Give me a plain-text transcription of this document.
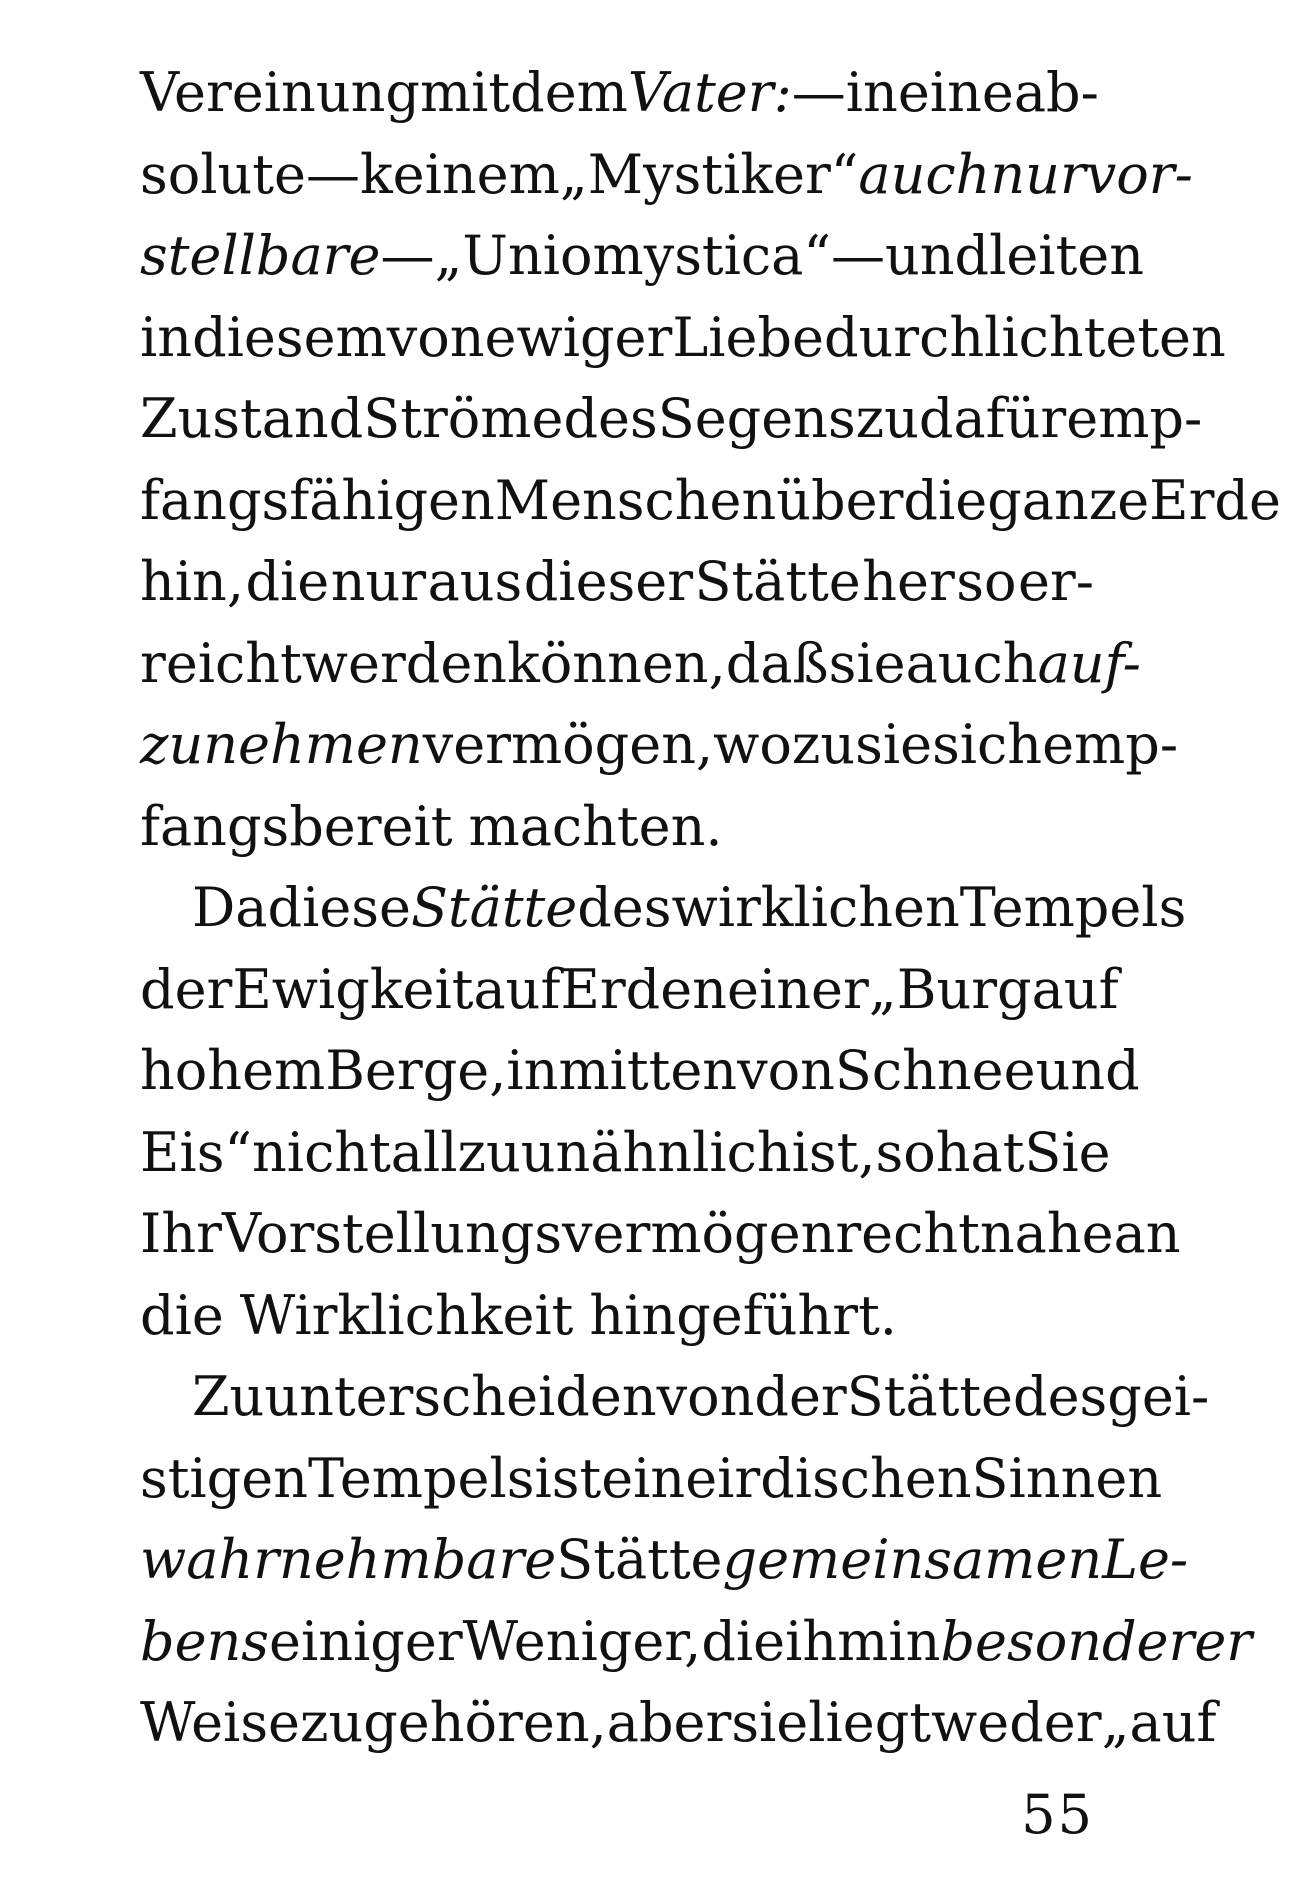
Vereinung mit dem Vater: — in eine ab-
solute —keinem „Mystiker“ auch nur vor-
stellbare — „Unio mystica“ — und leiten
in diesem von ewiger Liebe durchlichteten
Zustand Ströme des Segens zu dafür emp-
fangsfähigen Menschen über die ganze Erde
hin, die nur aus dieser Stätte her so er-
reicht werden können, daß sie auch auf-
zunehmen vermögen, wozu sie sich emp-
fangsbereit machten.
Da diese Stätte des wirklichen Tempels
der Ewigkeit auf Erden einer „Burg auf
hohem Berge, inmitten von Schnee und
Eis“ nicht allzu unähnlich ist, so hat Sie
Ihr Vorstellungsvermögen recht nahe an
die Wirklichkeit hingeführt.
Zu unterscheiden von der Stätte des gei-
stigen Tempels ist eine irdischen Sinnen
wahrnehmbare Stätte gemeinsamen Le-
bens einiger Weniger, die ihm in besonderer
Weise zugehören, aber sie liegt weder „auf
55
